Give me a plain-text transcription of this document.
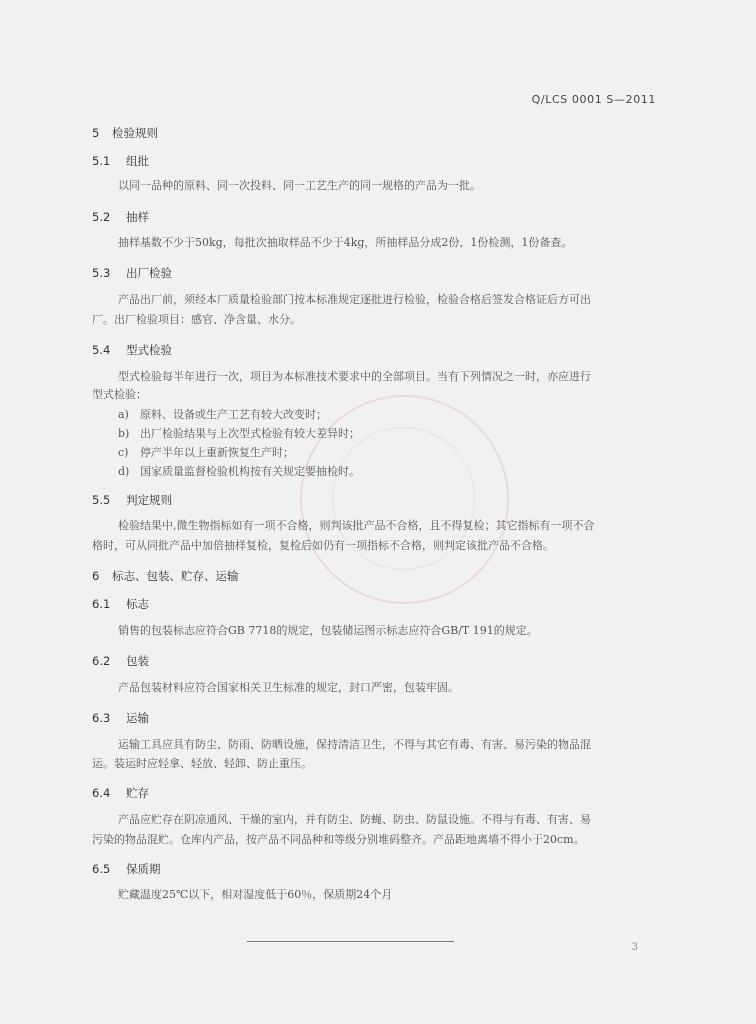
Q/LCS 0001 S—2011
5 检验规则
5.1 组批
以同一品种的原料、同一次投料、同一工艺生产的同一规格的产品为一批。
5.2 抽样
抽样基数不少于50kg，每批次抽取样品不少于4kg，所抽样品分成2份，1份检测，1份备查。
5.3 出厂检验
产品出厂前，须经本厂质量检验部门按本标准规定逐批进行检验，检验合格后签发合格证后方可出
厂。出厂检验项目：感官、净含量、水分。
5.4 型式检验
型式检验每半年进行一次，项目为本标准技术要求中的全部项目。当有下列情况之一时，亦应进行
型式检验：
a) 原料、设备或生产工艺有较大改变时；
b) 出厂检验结果与上次型式检验有较大差异时；
c) 停产半年以上重新恢复生产时；
d) 国家质量监督检验机构按有关规定要抽检时。
5.5 判定规则
检验结果中,微生物指标如有一项不合格，则判该批产品不合格，且不得复检；其它指标有一项不合
格时，可从同批产品中加倍抽样复检，复检后如仍有一项指标不合格，则判定该批产品不合格。
6 标志、包装、贮存、运输
6.1 标志
销售的包装标志应符合GB 7718的规定，包装储运图示标志应符合GB/T 191的规定。
6.2 包装
产品包装材料应符合国家相关卫生标准的规定，封口严密，包装牢固。
6.3 运输
运输工具应具有防尘、防雨、防晒设施，保持清洁卫生，不得与其它有毒、有害、易污染的物品混
运。装运时应轻拿、轻放、轻卸、防止重压。
6.4 贮存
产品应贮存在阴凉通风、干燥的室内，并有防尘、防蝇、防虫、防鼠设施。不得与有毒、有害、易
污染的物品混贮。仓库内产品，按产品不同品种和等级分别堆码整齐。产品距地离墙不得小于20cm。
6.5 保质期
贮藏温度25℃以下，相对湿度低于60％，保质期24个月
3
